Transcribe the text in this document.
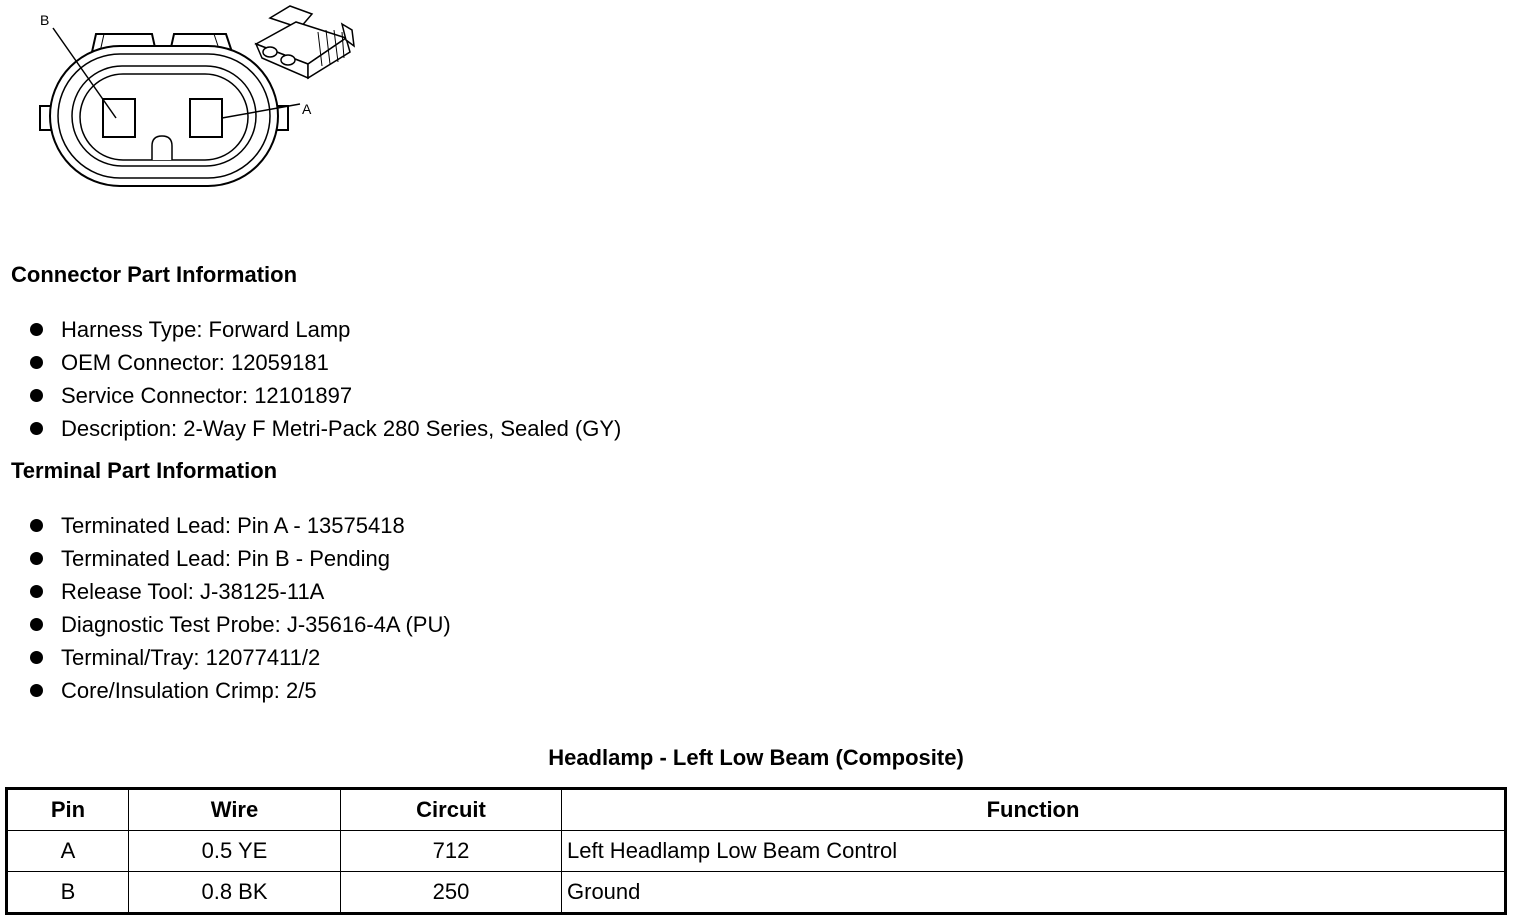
B
A
Connector Part Information
Harness Type: Forward Lamp
OEM Connector: 12059181
Service Connector: 12101897
Description: 2-Way F Metri-Pack 280 Series, Sealed (GY)
Terminal Part Information
Terminated Lead: Pin A - 13575418
Terminated Lead: Pin B - Pending
Release Tool: J-38125-11A
Diagnostic Test Probe: J-35616-4A (PU)
Terminal/Tray: 12077411/2
Core/Insulation Crimp: 2/5
Headlamp - Left Low Beam (Composite)
Pin	Wire	Circuit	Function
A	0.5 YE	712	Left Headlamp Low Beam Control
B	0.8 BK	250	Ground
